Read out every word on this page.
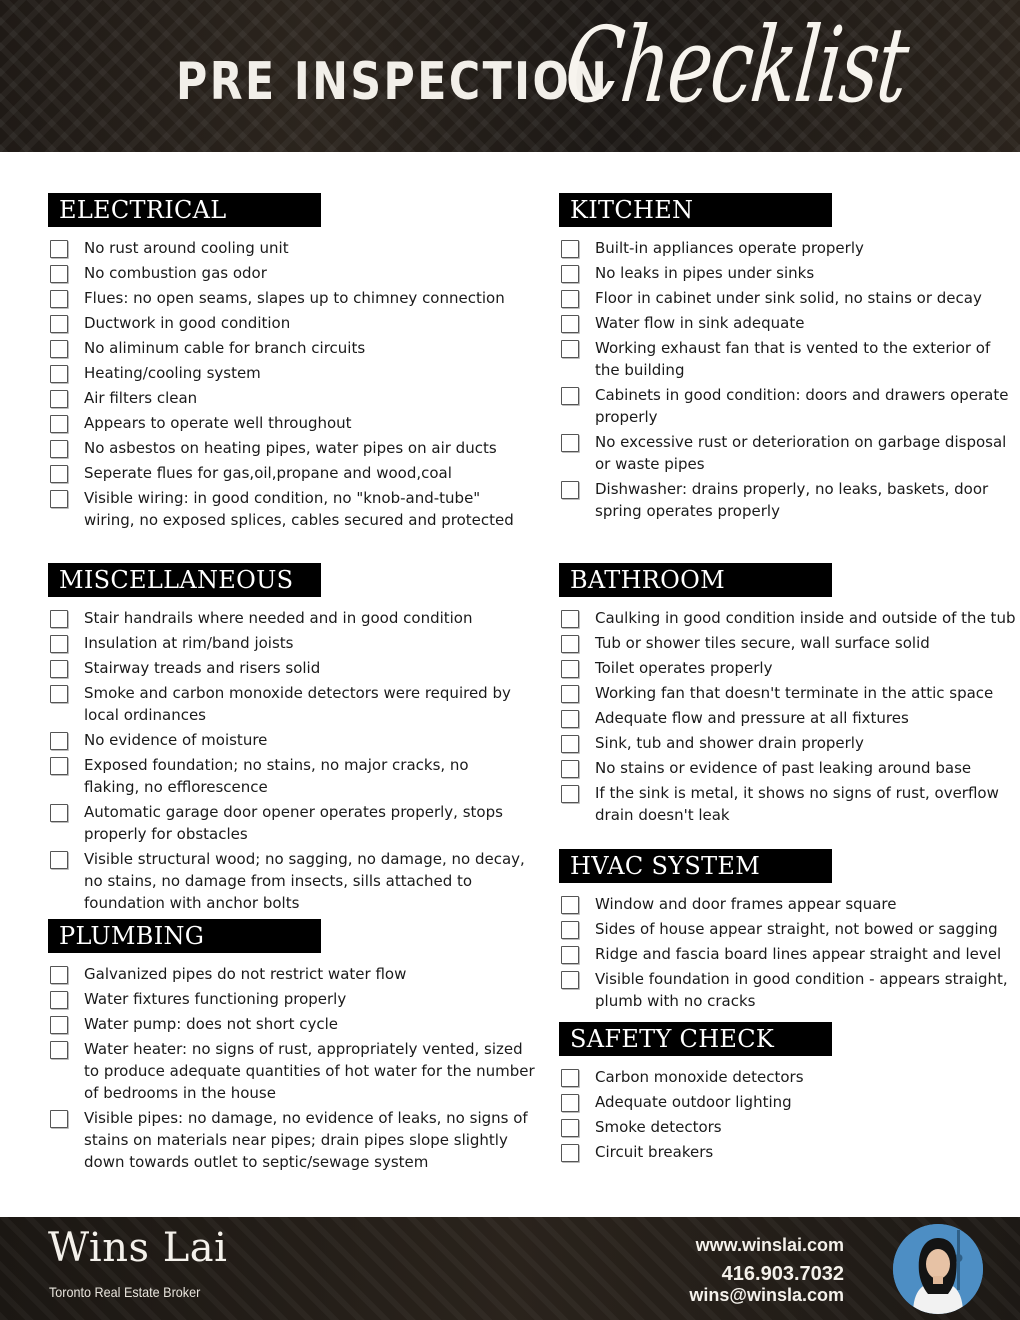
PRE INSPECTION
Checklist
ELECTRICAL
No rust around cooling unit
No combustion gas odor
Flues: no open seams, slapes up to chimney connection
Ductwork in good condition
No aliminum cable for branch circuits
Heating/cooling system
Air filters clean
Appears to operate well throughout
No asbestos on heating pipes, water pipes on air ducts
Seperate flues for gas,oil,propane and wood,coal
Visible wiring: in good condition, no "knob-and-tube" wiring, no exposed splices, cables secured and protected
KITCHEN
Built-in appliances operate properly
No leaks in pipes under sinks
Floor in cabinet under sink solid, no stains or decay
Water flow in sink adequate
Working exhaust fan that is vented to the exterior of the building
Cabinets in good condition: doors and drawers operate properly
No excessive rust or deterioration on garbage disposal or waste pipes
Dishwasher: drains properly, no leaks, baskets, door spring operates properly
MISCELLANEOUS
Stair handrails where needed and in good condition
Insulation at rim/band joists
Stairway treads and risers solid
Smoke and carbon monoxide detectors were required by local ordinances
No evidence of moisture
Exposed foundation; no stains, no major cracks, no flaking, no efflorescence
Automatic garage door opener operates properly, stops properly for obstacles
Visible structural wood; no sagging, no damage, no decay, no stains, no damage from insects, sills attached to foundation with anchor bolts
BATHROOM
Caulking in good condition inside and outside of the tub
Tub or shower tiles secure, wall surface solid
Toilet operates properly
Working fan that doesn't terminate in the attic space
Adequate flow and pressure at all fixtures
Sink, tub and shower drain properly
No stains or evidence of past leaking around base
If the sink is metal, it shows no signs of rust, overflow drain doesn't leak
PLUMBING
Galvanized pipes do not restrict water flow
Water fixtures functioning properly
Water pump: does not short cycle
Water heater: no signs of rust, appropriately vented, sized to produce adequate quantities of hot water for the number of bedrooms in the house
Visible pipes: no damage, no evidence of leaks, no signs of stains on materials near pipes; drain pipes slope slightly down towards outlet to septic/sewage system
HVAC SYSTEM
Window and door frames appear square
Sides of house appear straight, not bowed or sagging
Ridge and fascia board lines appear straight and level
Visible foundation in good condition - appears straight, plumb with no cracks
SAFETY CHECK
Carbon monoxide detectors
Adequate outdoor lighting
Smoke detectors
Circuit breakers
Wins Lai
Toronto Real Estate Broker
www.winslai.com
416.903.7032
wins@winsla.com
